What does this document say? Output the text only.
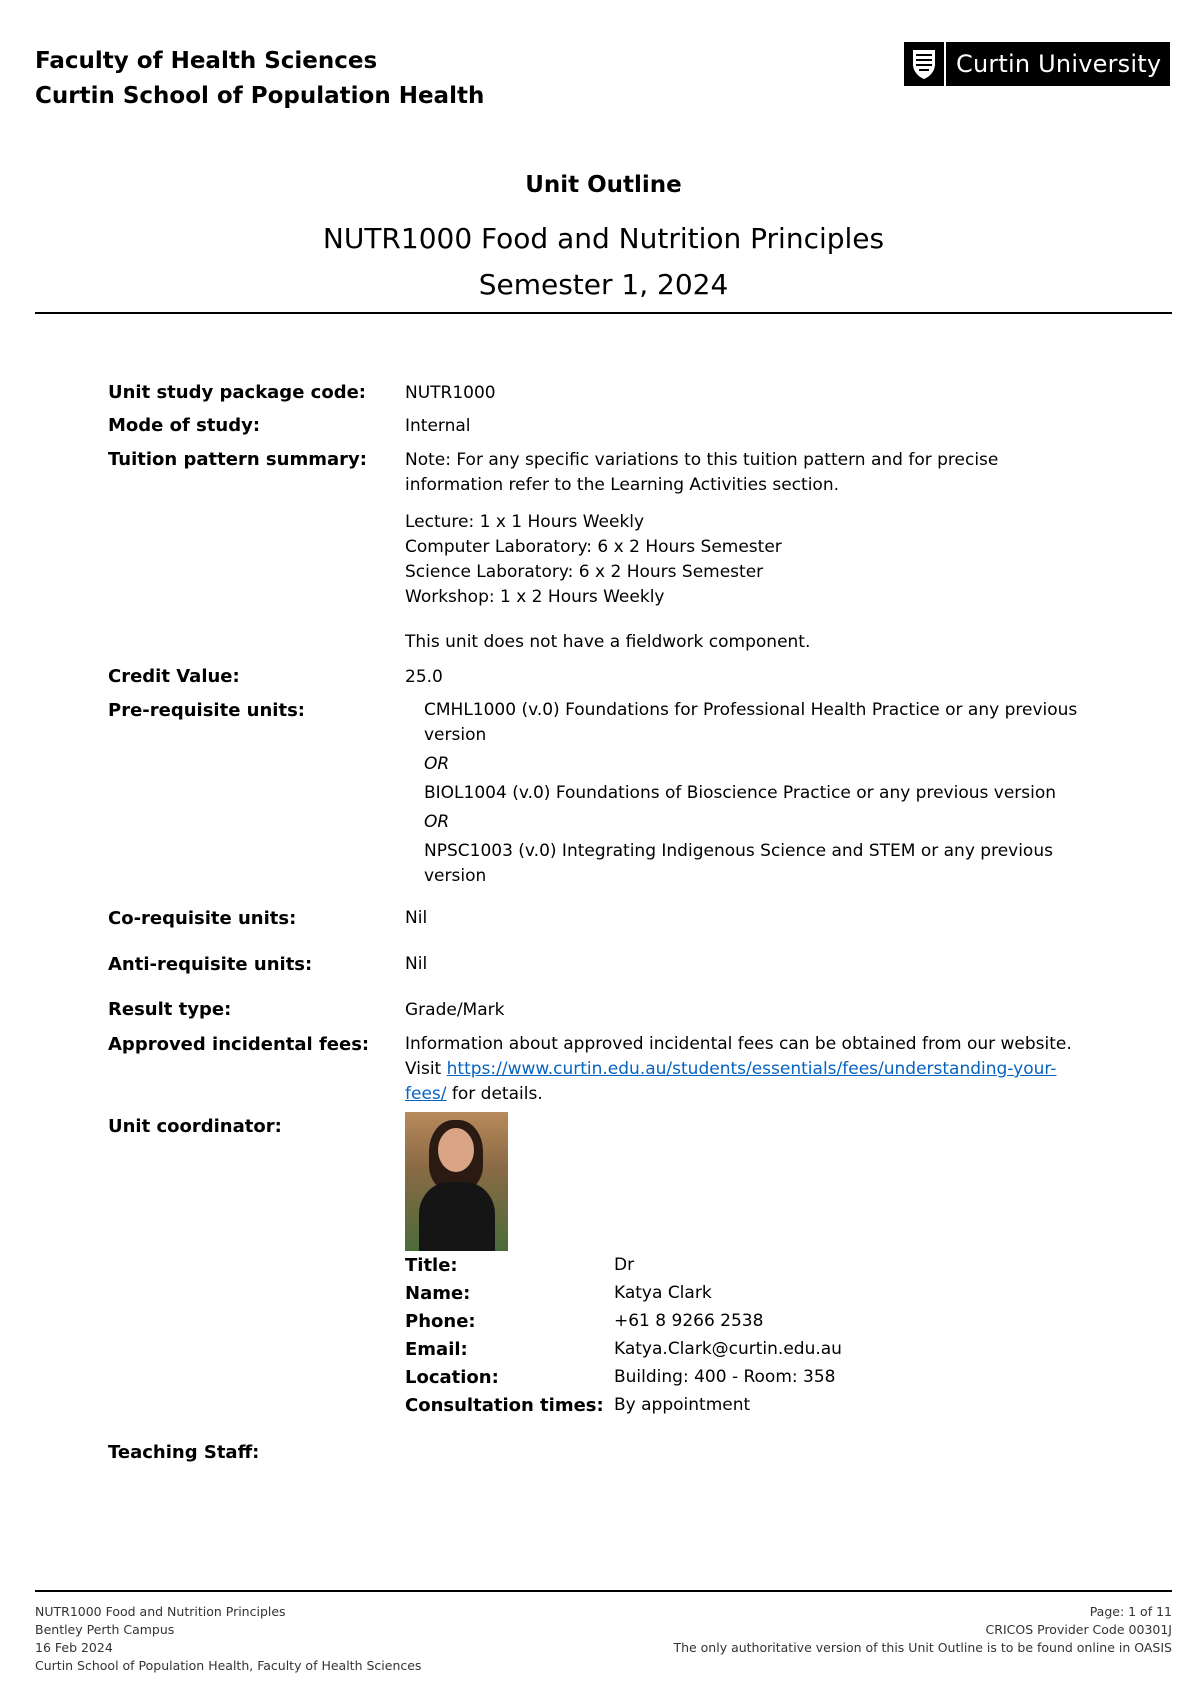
Faculty of Health Sciences
Curtin School of Population Health
Curtin University
Unit Outline
NUTR1000 Food and Nutrition Principles
Semester 1, 2024
Unit study package code: NUTR1000
Mode of study:	Internal
Tuition pattern summary: Note: For any specific variations to this tuition pattern and for precise

information refer to the Learning Activities section.

Lecture: 1 x 1 Hours Weekly

Computer Laboratory: 6 x 2 Hours Semester

Science Laboratory: 6 x 2 Hours Semester

Workshop: 1 x 2 Hours Weekly

This unit does not have a fieldwork component.
Credit Value:	25.0
Pre-requisite units:	CMHL1000 (v.0) Foundations for Professional Health Practice or any previous

version

OR

BIOL1004 (v.0) Foundations of Bioscience Practice or any previous version

OR

NPSC1003 (v.0) Integrating Indigenous Science and STEM or any previous

version

Co-requisite units:	Nil
Anti-requisite units:	Nil
Result type:	Grade/Mark
Approved incidental fees: Information about approved incidental fees can be obtained from our website.

Visit https://www.curtin.edu.au/students/essentials/fees/understanding-your-

fees/ for details.

Unit coordinator:
Title:	Dr
Name:	Katya Clark
Phone:	+61 8 9266 2538
Email:	Katya.Clark@curtin.edu.au
Location:	Building: 400 - Room: 358
Consultation times: By appointment
Teaching Staff:
NUTR1000 Food and Nutrition Principles
Bentley Perth Campus
16 Feb 2024
Curtin School of Population Health, Faculty of Health Sciences
Page: 1 of 11
CRICOS Provider Code 00301J
The only authoritative version of this Unit Outline is to be found online in OASIS
